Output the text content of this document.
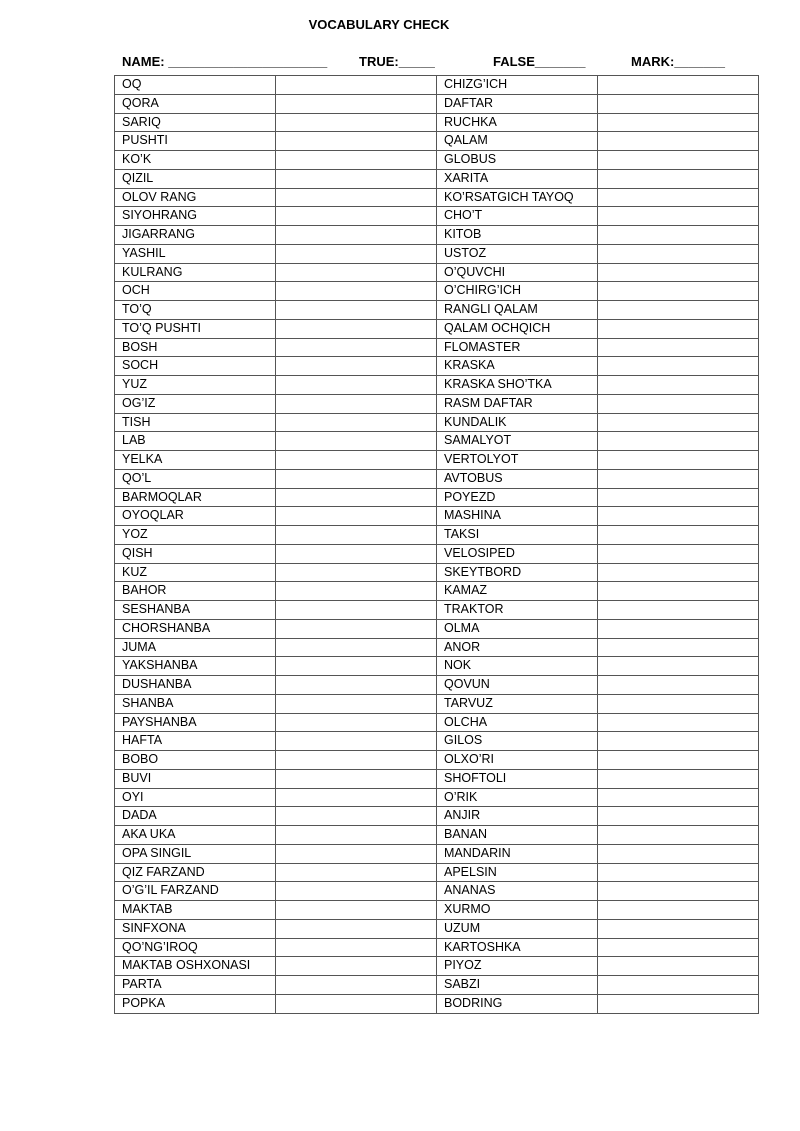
VOCABULARY CHECK
NAME: ______________________ TRUE:_____	FALSE_______	MARK:_______
OQ		CHIZG’ICH	
QORA		DAFTAR	
SARIQ		RUCHKA	
PUSHTI		QALAM	
KO’K		GLOBUS	
QIZIL		XARITA	
OLOV RANG		KO’RSATGICH TAYOQ	
SIYOHRANG		CHO’T	
JIGARRANG		KITOB	
YASHIL		USTOZ	
KULRANG		O’QUVCHI	
OCH		O’CHIRG’ICH	
TO’Q		RANGLI QALAM	
TO’Q PUSHTI		QALAM OCHQICH	
BOSH		FLOMASTER	
SOCH		KRASKA	
YUZ		KRASKA SHO’TKA	
OG’IZ		RASM DAFTAR	
TISH		KUNDALIK	
LAB		SAMALYOT	
YELKA		VERTOLYOT	
QO’L		AVTOBUS	
BARMOQLAR		POYEZD	
OYOQLAR		MASHINA	
YOZ		TAKSI	
QISH		VELOSIPED	
KUZ		SKEYTBORD	
BAHOR		KAMAZ	
SESHANBA		TRAKTOR	
CHORSHANBA		OLMA	
JUMA		ANOR	
YAKSHANBA		NOK	
DUSHANBA		QOVUN	
SHANBA		TARVUZ	
PAYSHANBA		OLCHA	
HAFTA		GILOS	
BOBO		OLXO’RI	
BUVI		SHOFTOLI	
OYI		O’RIK	
DADA		ANJIR	
AKA UKA		BANAN	
OPA SINGIL		MANDARIN	
QIZ FARZAND		APELSIN	
O’G’IL FARZAND		ANANAS	
MAKTAB		XURMO	
SINFXONA		UZUM	
QO’NG’IROQ		KARTOSHKA	
MAKTAB OSHXONASI		PIYOZ	
PARTA		SABZI	
POPKA		BODRING	
